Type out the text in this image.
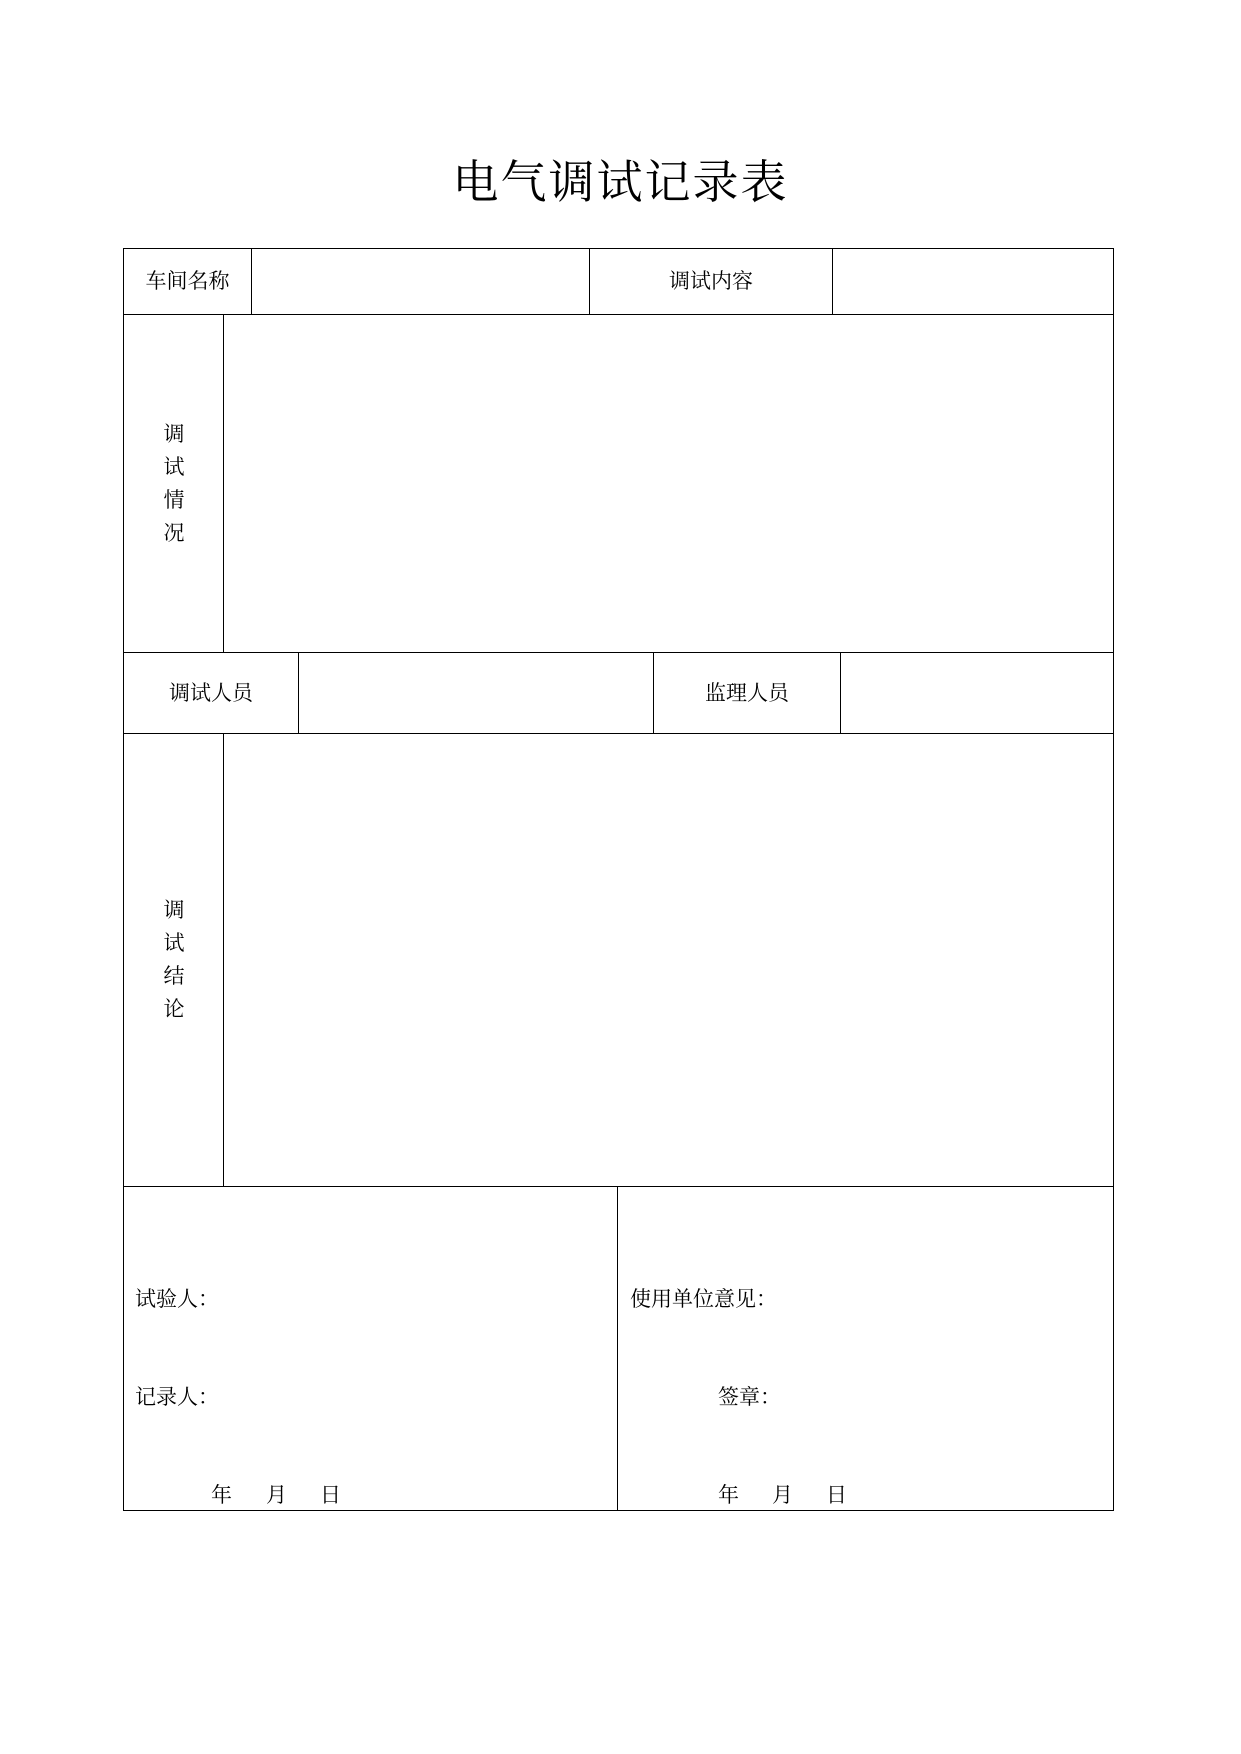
电气调试记录表
车间名称	调试内容
调
试
情
况
调试人员	监理人员
调
试
结
论
试验人：
记录人：
年 月 日
使用单位意见：
签章：
年 月 日
